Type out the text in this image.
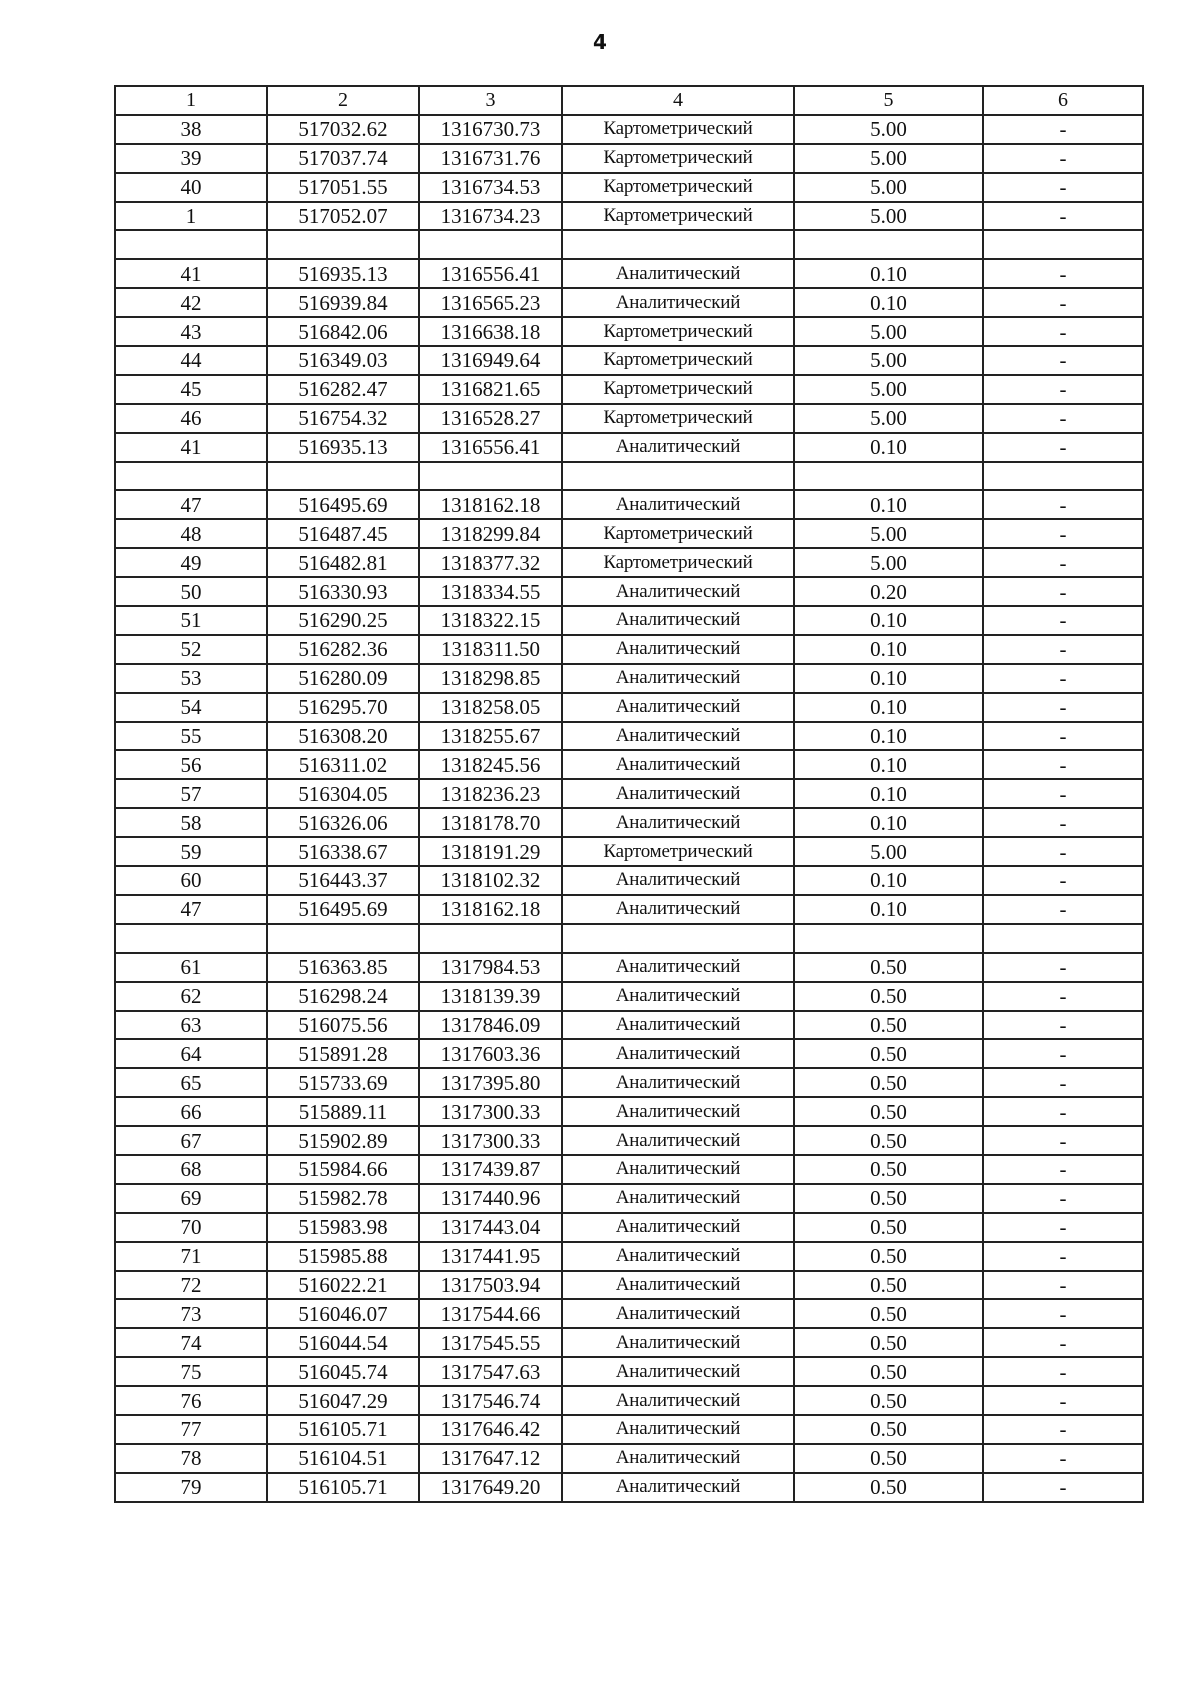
4
1	2	3	4	5	6
38	517032.62	1316730.73	Картометрический	5.00	-
39	517037.74	1316731.76	Картометрический	5.00	-
40	517051.55	1316734.53	Картометрический	5.00	-
1	517052.07	1316734.23	Картометрический	5.00	-

41	516935.13	1316556.41	Аналитический	0.10	-
42	516939.84	1316565.23	Аналитический	0.10	-
43	516842.06	1316638.18	Картометрический	5.00	-
44	516349.03	1316949.64	Картометрический	5.00	-
45	516282.47	1316821.65	Картометрический	5.00	-
46	516754.32	1316528.27	Картометрический	5.00	-
41	516935.13	1316556.41	Аналитический	0.10	-

47	516495.69	1318162.18	Аналитический	0.10	-
48	516487.45	1318299.84	Картометрический	5.00	-
49	516482.81	1318377.32	Картометрический	5.00	-
50	516330.93	1318334.55	Аналитический	0.20	-
51	516290.25	1318322.15	Аналитический	0.10	-
52	516282.36	1318311.50	Аналитический	0.10	-
53	516280.09	1318298.85	Аналитический	0.10	-
54	516295.70	1318258.05	Аналитический	0.10	-
55	516308.20	1318255.67	Аналитический	0.10	-
56	516311.02	1318245.56	Аналитический	0.10	-
57	516304.05	1318236.23	Аналитический	0.10	-
58	516326.06	1318178.70	Аналитический	0.10	-
59	516338.67	1318191.29	Картометрический	5.00	-
60	516443.37	1318102.32	Аналитический	0.10	-
47	516495.69	1318162.18	Аналитический	0.10	-

61	516363.85	1317984.53	Аналитический	0.50	-
62	516298.24	1318139.39	Аналитический	0.50	-
63	516075.56	1317846.09	Аналитический	0.50	-
64	515891.28	1317603.36	Аналитический	0.50	-
65	515733.69	1317395.80	Аналитический	0.50	-
66	515889.11	1317300.33	Аналитический	0.50	-
67	515902.89	1317300.33	Аналитический	0.50	-
68	515984.66	1317439.87	Аналитический	0.50	-
69	515982.78	1317440.96	Аналитический	0.50	-
70	515983.98	1317443.04	Аналитический	0.50	-
71	515985.88	1317441.95	Аналитический	0.50	-
72	516022.21	1317503.94	Аналитический	0.50	-
73	516046.07	1317544.66	Аналитический	0.50	-
74	516044.54	1317545.55	Аналитический	0.50	-
75	516045.74	1317547.63	Аналитический	0.50	-
76	516047.29	1317546.74	Аналитический	0.50	-
77	516105.71	1317646.42	Аналитический	0.50	-
78	516104.51	1317647.12	Аналитический	0.50	-
79	516105.71	1317649.20	Аналитический	0.50	-
